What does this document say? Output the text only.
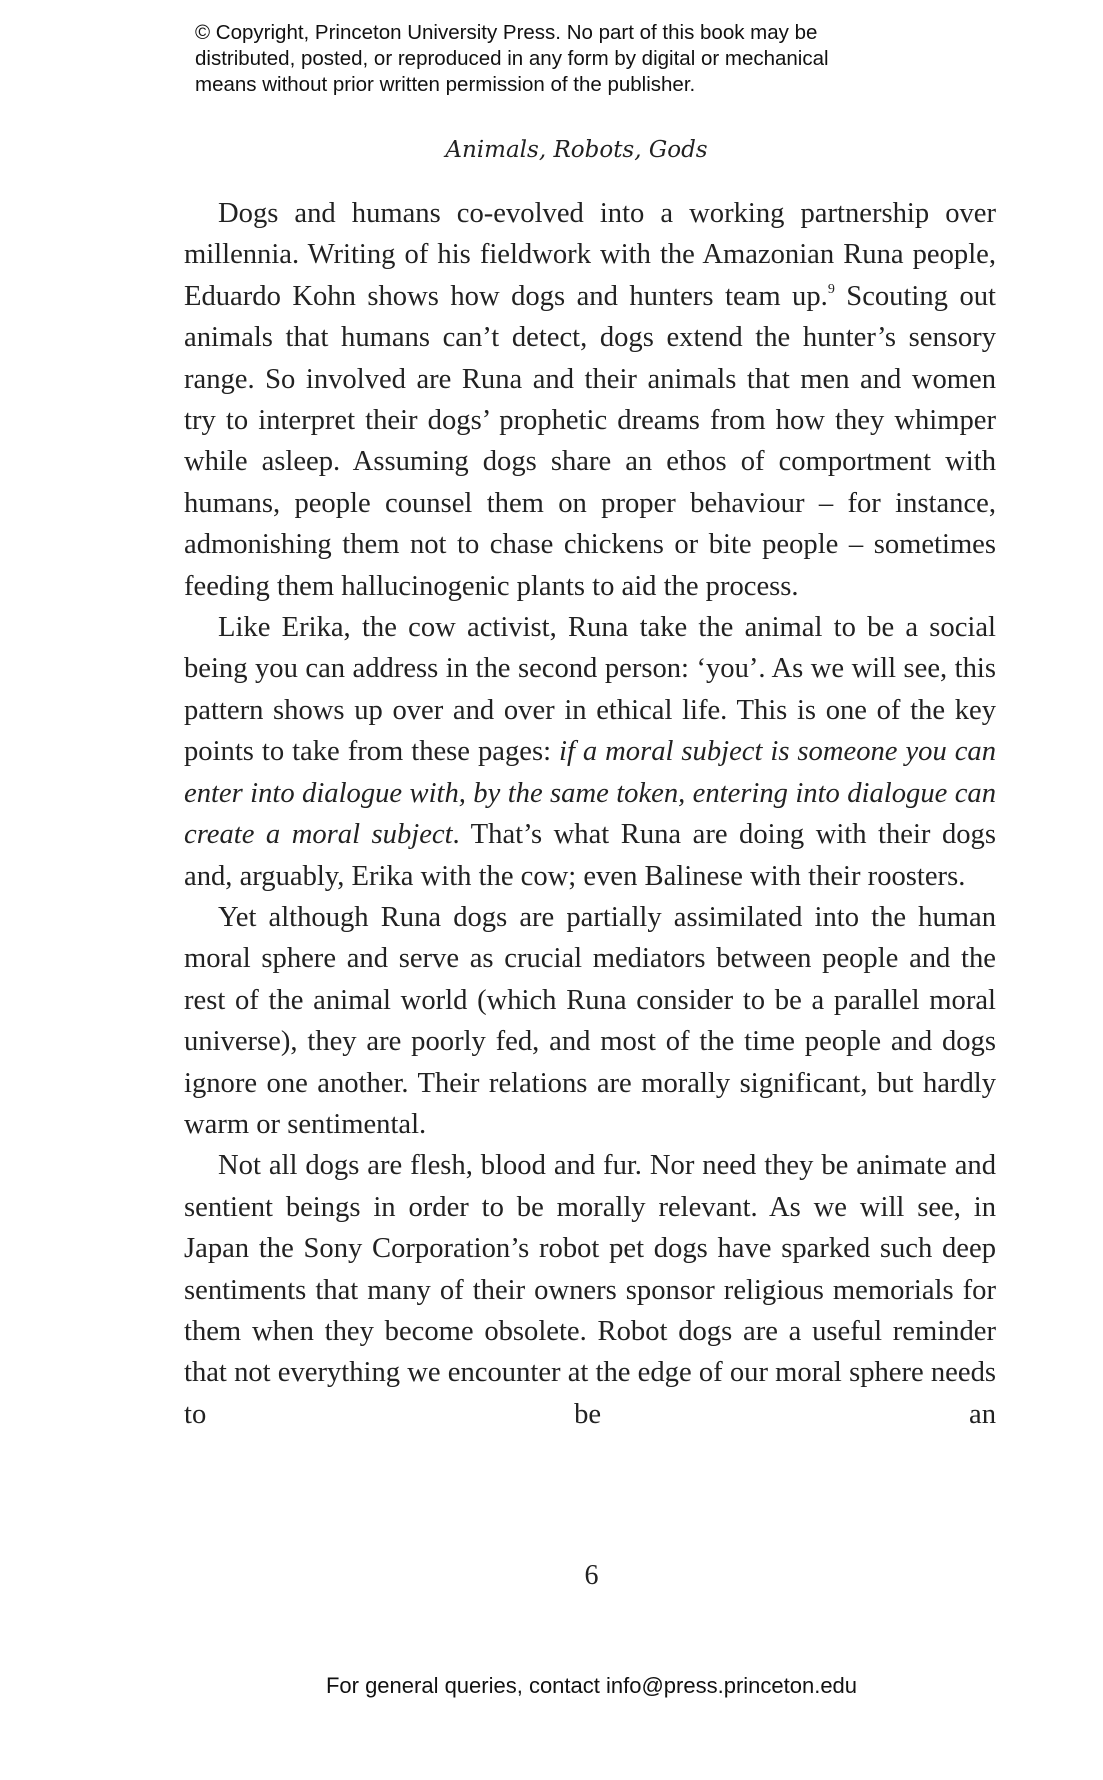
© Copyright, Princeton University Press. No part of this book may be
distributed, posted, or reproduced in any form by digital or mechanical
means without prior written permission of the publisher.
Animals, Robots, Gods

Dogs and humans co-evolved into a working partnership over millennia. Writing of his fieldwork with the Amazonian Runa people, Eduardo Kohn shows how dogs and hunters team up.$^9$ Scouting out animals that humans can’t detect, dogs extend the hunter’s sensory range. So involved are Runa and their animals that men and women try to interpret their dogs’ prophetic dreams from how they whimper while asleep. Assuming dogs share an ethos of comportment with humans, people counsel them on proper behaviour – for instance, admonishing them not to chase chickens or bite people – sometimes feeding them hallucinogenic plants to aid the process.

Like Erika, the cow activist, Runa take the animal to be a social being you can address in the second person: ‘you’. As we will see, this pattern shows up over and over in ethical life. This is one of the key points to take from these pages: if a moral subject is someone you can enter into dialogue with, by the same token, entering into dialogue can create a moral subject. That’s what Runa are doing with their dogs and, arguably, Erika with the cow; even Balinese with their roosters.

Yet although Runa dogs are partially assimilated into the human moral sphere and serve as crucial mediators between people and the rest of the animal world (which Runa consider to be a parallel moral universe), they are poorly fed, and most of the time people and dogs ignore one another. Their relations are morally significant, but hardly warm or sentimental.

Not all dogs are flesh, blood and fur. Nor need they be animate and sentient beings in order to be morally relevant. As we will see, in Japan the Sony Corporation’s robot pet dogs have sparked such deep sentiments that many of their owners sponsor religious memorials for them when they become obsolete. Robot dogs are a useful reminder that not everything we encounter at the edge of our moral sphere needs to be an

6
For general queries, contact info@press.princeton.edu
